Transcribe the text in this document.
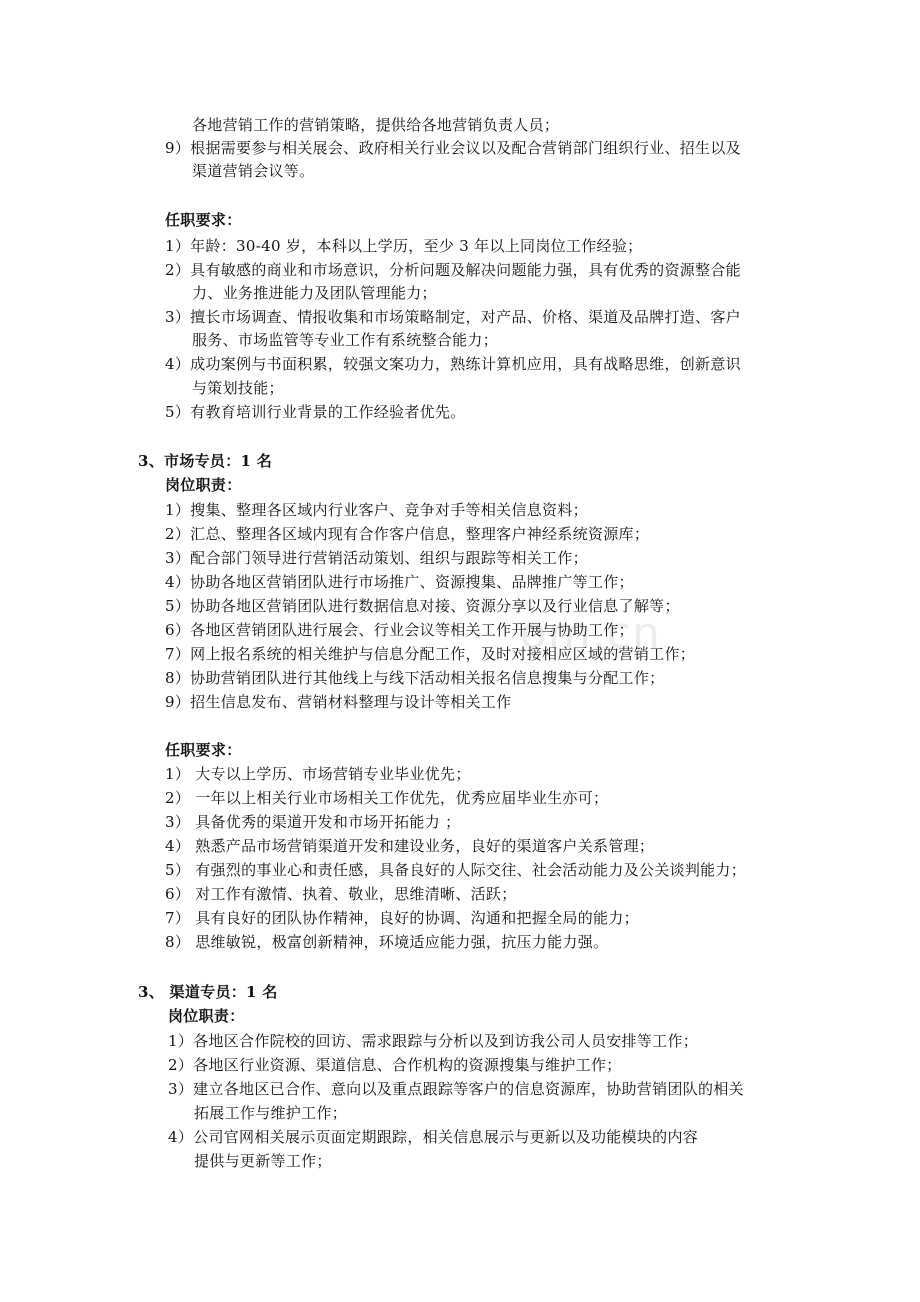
om.cn
各地营销工作的营销策略，提供给各地营销负责人员；
9）根据需要参与相关展会、政府相关行业会议以及配合营销部门组织行业、招生以及
渠道营销会议等。
任职要求：
1）年龄：30-40 岁，本科以上学历，至少 3 年以上同岗位工作经验；
2）具有敏感的商业和市场意识，分析问题及解决问题能力强，具有优秀的资源整合能
力、业务推进能力及团队管理能力；
3）擅长市场调查、情报收集和市场策略制定，对产品、价格、渠道及品牌打造、客户
服务、市场监管等专业工作有系统整合能力；
4）成功案例与书面积累，较强文案功力，熟练计算机应用，具有战略思维，创新意识
与策划技能；
5）有教育培训行业背景的工作经验者优先。
3、市场专员：1 名
岗位职责：
1）搜集、整理各区域内行业客户、竞争对手等相关信息资料；
2）汇总、整理各区域内现有合作客户信息，整理客户神经系统资源库；
3）配合部门领导进行营销活动策划、组织与跟踪等相关工作；
4）协助各地区营销团队进行市场推广、资源搜集、品牌推广等工作；
5）协助各地区营销团队进行数据信息对接、资源分享以及行业信息了解等；
6）各地区营销团队进行展会、行业会议等相关工作开展与协助工作；
7）网上报名系统的相关维护与信息分配工作，及时对接相应区域的营销工作；
8）协助营销团队进行其他线上与线下活动相关报名信息搜集与分配工作；
9）招生信息发布、营销材料整理与设计等相关工作
任职要求：
1） 大专以上学历、市场营销专业毕业优先；
2） 一年以上相关行业市场相关工作优先，优秀应届毕业生亦可；
3） 具备优秀的渠道开发和市场开拓能力 ；
4） 熟悉产品市场营销渠道开发和建设业务，良好的渠道客户关系管理；
5） 有强烈的事业心和责任感，具备良好的人际交往、社会活动能力及公关谈判能力；
6） 对工作有激情、执着、敬业，思维清晰、活跃；
7） 具有良好的团队协作精神，良好的协调、沟通和把握全局的能力；
8） 思维敏锐，极富创新精神，环境适应能力强，抗压力能力强。
3、 渠道专员：1 名
岗位职责：
1）各地区合作院校的回访、需求跟踪与分析以及到访我公司人员安排等工作；
2）各地区行业资源、渠道信息、合作机构的资源搜集与维护工作；
3）建立各地区已合作、意向以及重点跟踪等客户的信息资源库，协助营销团队的相关
拓展工作与维护工作；
4）公司官网相关展示页面定期跟踪，相关信息展示与更新以及功能模块的内容
提供与更新等工作；
